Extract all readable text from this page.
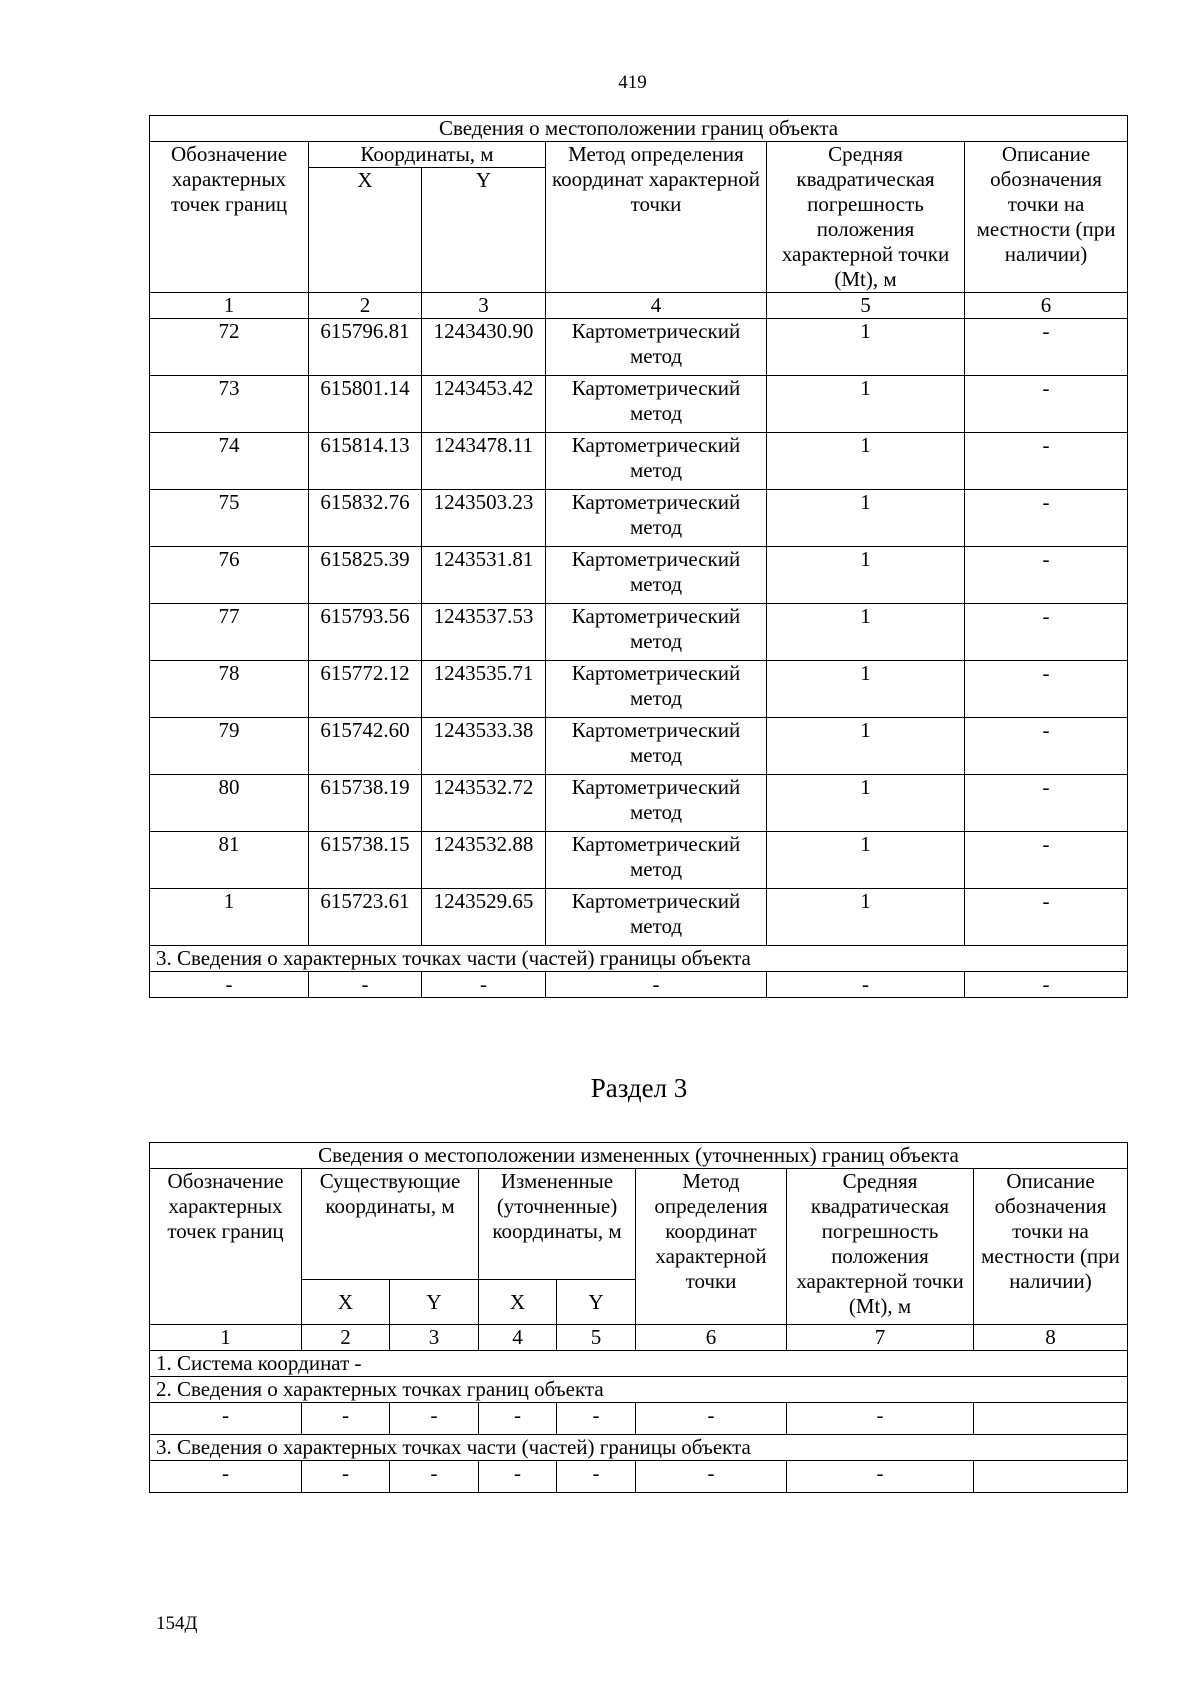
419
Сведения о местоположении границ объекта					
Обозначение характерных точек границ	Координаты, м		Метод определения координат характерной точки	Средняя квадратическая погрешность положения характерной точки (Mt), м	Описание обозначения точки на местности (при наличии)
	X	Y			
1	2	3	4	5	6
72	615796.81	1243430.90	Картометрический метод	1	-
73	615801.14	1243453.42	Картометрический метод	1	-
74	615814.13	1243478.11	Картометрический метод	1	-
75	615832.76	1243503.23	Картометрический метод	1	-
76	615825.39	1243531.81	Картометрический метод	1	-
77	615793.56	1243537.53	Картометрический метод	1	-
78	615772.12	1243535.71	Картометрический метод	1	-
79	615742.60	1243533.38	Картометрический метод	1	-
80	615738.19	1243532.72	Картометрический метод	1	-
81	615738.15	1243532.88	Картометрический метод	1	-
1	615723.61	1243529.65	Картометрический метод	1	-
3. Сведения о характерных точках части (частей) границы объекта					
-	-	-	-	-	-
Раздел 3
Сведения о местоположении измененных (уточненных) границ объекта							
Обозначение характерных точек границ	Существующие координаты, м		Измененные (уточненные) координаты, м		Метод определения координат характерной точки	Средняя квадратическая погрешность положения характерной точки (Mt), м	Описание обозначения точки на местности (при наличии)
	X	Y	X	Y			
1	2	3	4	5	6	7	8
1. Система координат -							
2. Сведения о характерных точках границ объекта							
-	-	-	-	-	-	-	
3. Сведения о характерных точках части (частей) границы объекта							
-	-	-	-	-	-	-	
154Д
